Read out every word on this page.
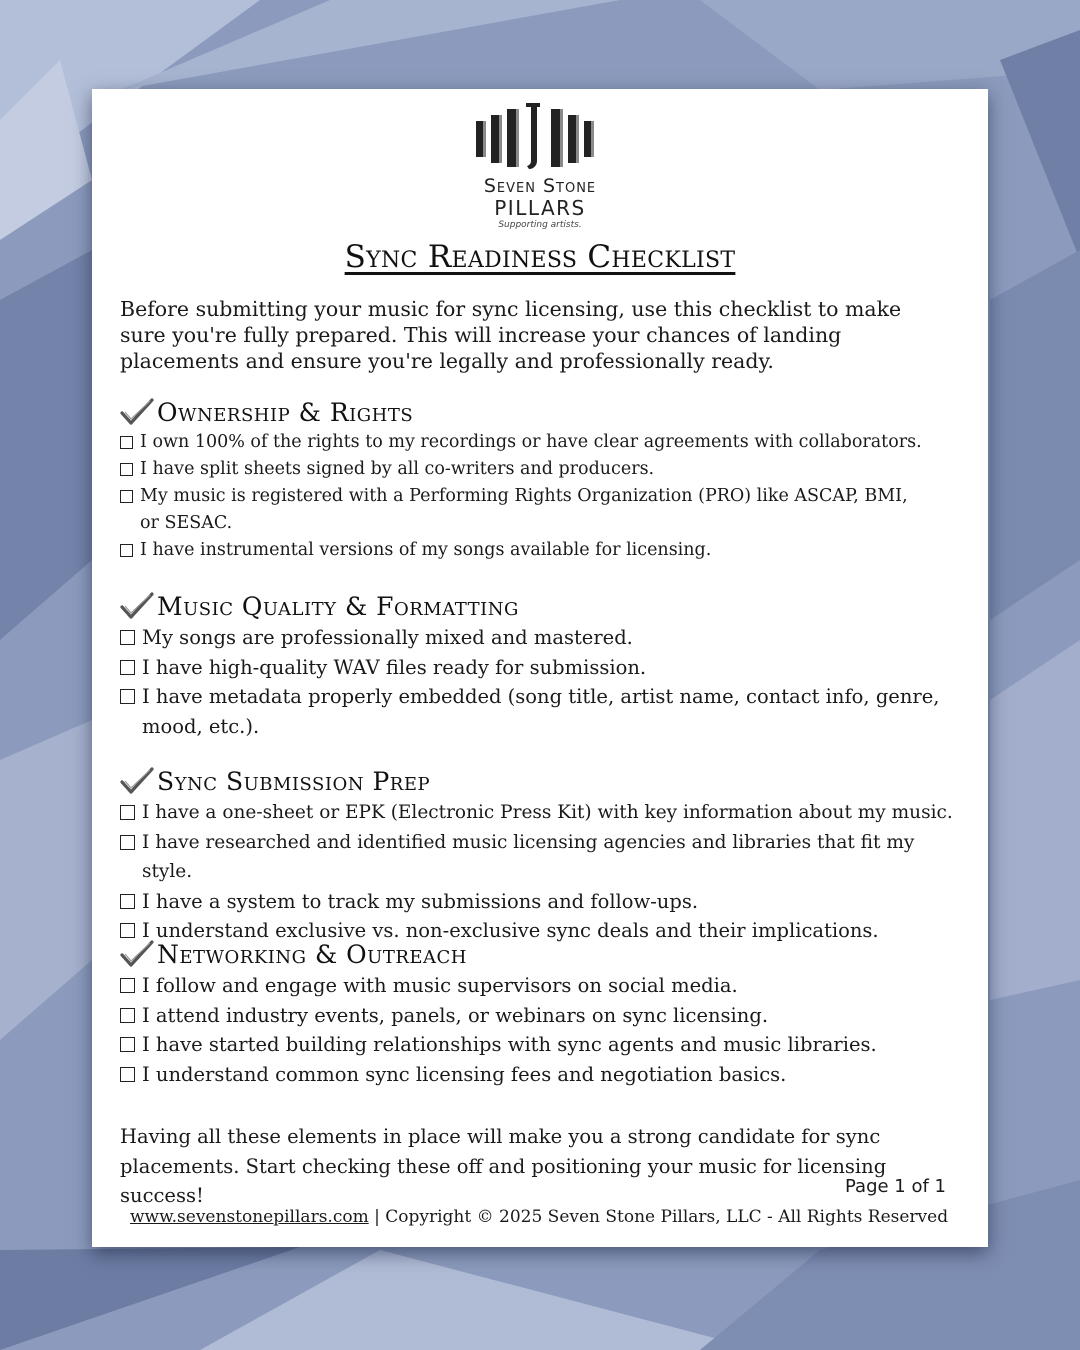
Seven Stone
PILLARS
Supporting artists.
Sync Readiness Checklist

Before submitting your music for sync licensing, use this checklist to make sure you're fully prepared. This will increase your chances of landing placements and ensure you're legally and professionally ready.

Ownership & Rights
I own 100% of the rights to my recordings or have clear agreements with collaborators.
I have split sheets signed by all co-writers and producers.
My music is registered with a Performing Rights Organization (PRO) like ASCAP, BMI, or SESAC.
I have instrumental versions of my songs available for licensing.
Music Quality & Formatting
My songs are professionally mixed and mastered.
I have high-quality WAV files ready for submission.
I have metadata properly embedded (song title, artist name, contact info, genre, mood, etc.).
Sync Submission Prep
I have a one-sheet or EPK (Electronic Press Kit) with key information about my music.
I have researched and identified music licensing agencies and libraries that fit my style.
I have a system to track my submissions and follow-ups.
I understand exclusive vs. non-exclusive sync deals and their implications.
Networking & Outreach
I follow and engage with music supervisors on social media.
I attend industry events, panels, or webinars on sync licensing.
I have started building relationships with sync agents and music libraries.
I understand common sync licensing fees and negotiation basics.

Having all these elements in place will make you a strong candidate for sync placements. Start checking these off and positioning your music for licensing success!	Page 1 of 1
www.sevenstonepillars.com | Copyright © 2025 Seven Stone Pillars, LLC - All Rights Reserved
